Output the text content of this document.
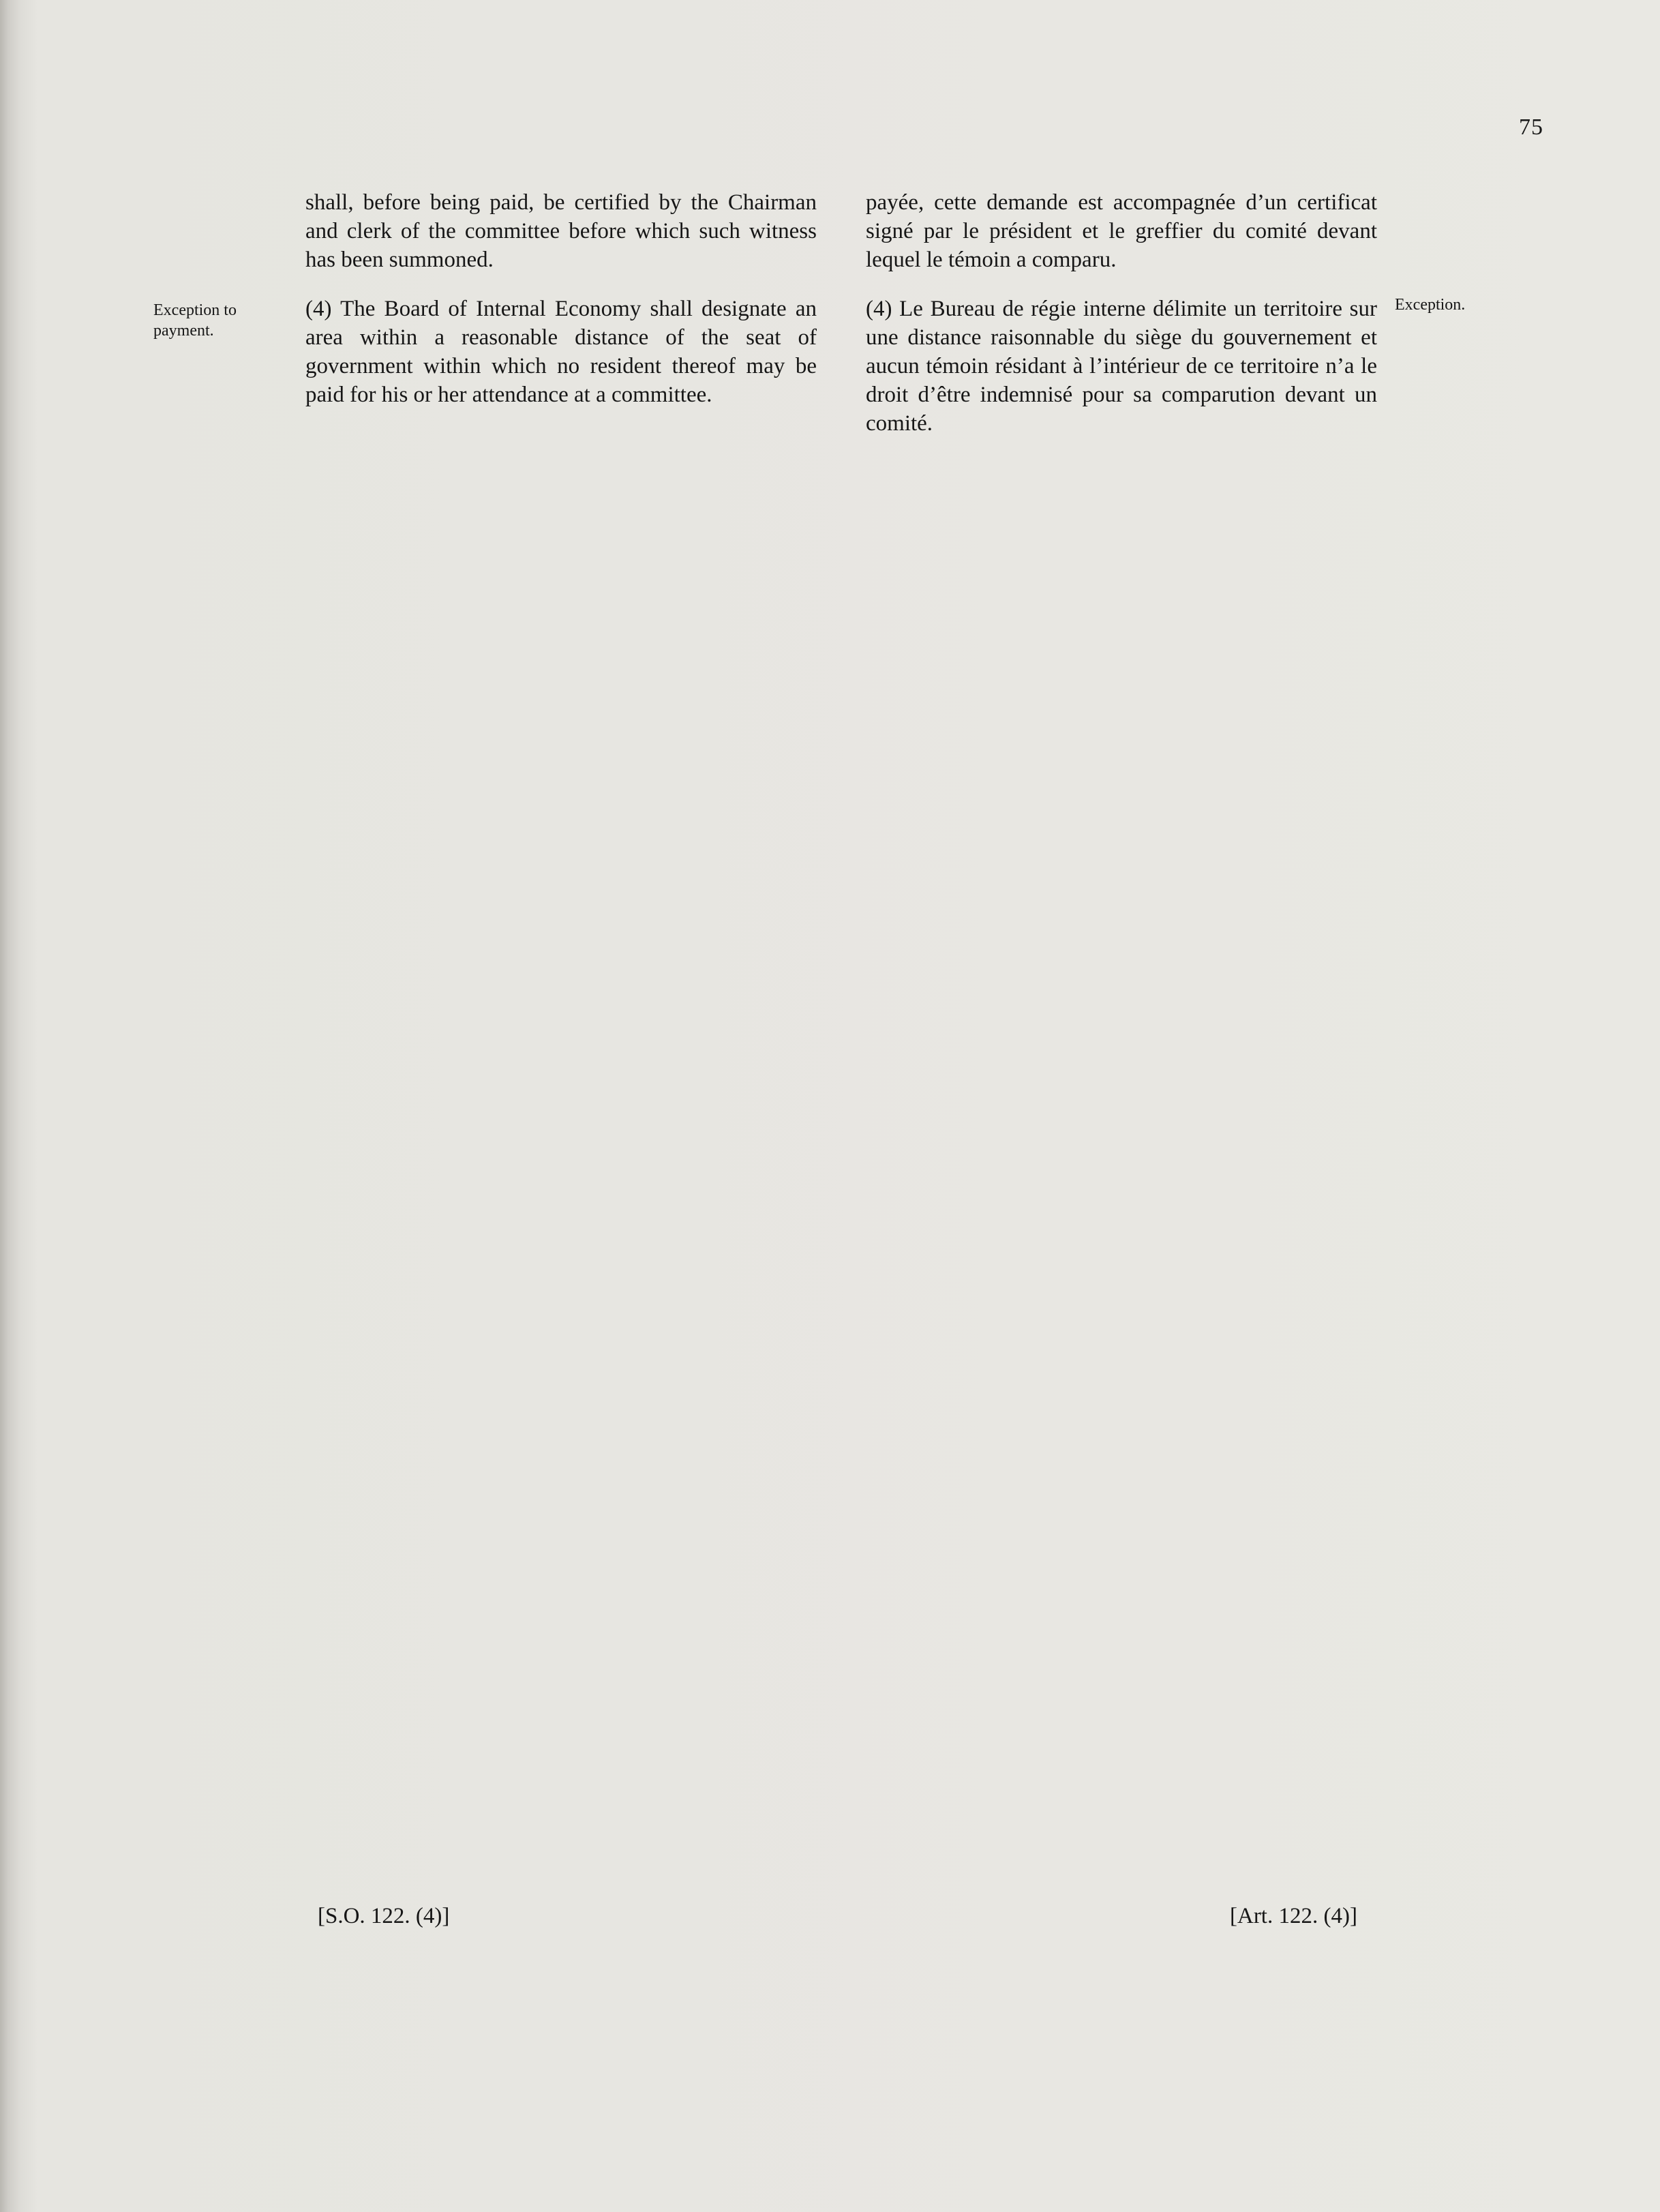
75
Exception to payment.

shall, before being paid, be certified by the Chairman and clerk of the committee before which such witness has been summoned.

(4) The Board of Internal Economy shall designate an area within a reasonable distance of the seat of government within which no resident thereof may be paid for his or her attendance at a committee.

payée, cette demande est accompagnée d’un certificat signé par le président et le greffier du comité devant lequel le témoin a comparu.

(4) Le Bureau de régie interne délimite un territoire sur une distance raisonnable du siège du gouvernement et aucun témoin résidant à l’intérieur de ce territoire n’a le droit d’être indemnisé pour sa comparution devant un comité.

Exception.
[S.O. 122. (4)]	[Art. 122. (4)]
